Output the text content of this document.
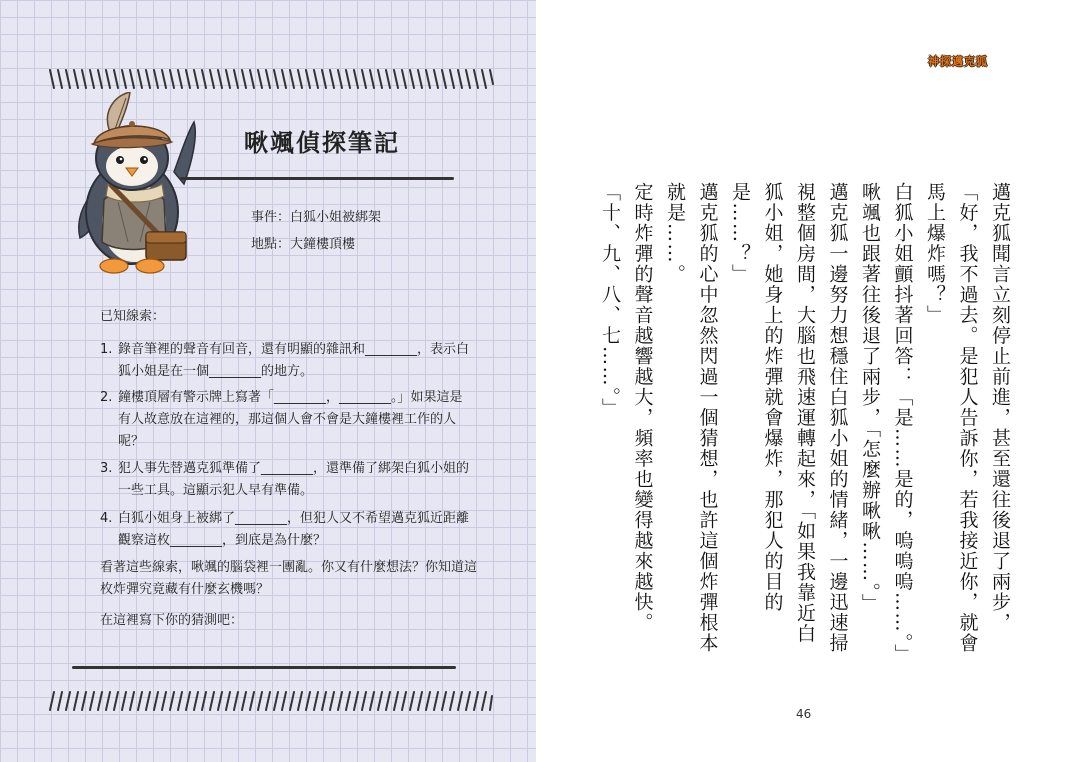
啾颯偵探筆記
事件：白狐小姐被綁架
地點：大鐘樓頂樓
已知線索：
1. 錄音筆裡的聲音有回音，還有明顯的雜訊和________，表示白狐小姐是在一個________的地方。
2. 鐘樓頂層有警示牌上寫著「________，________。」如果這是有人故意放在這裡的，那這個人會不會是大鐘樓裡工作的人呢？
3. 犯人事先替邁克狐準備了________，還準備了綁架白狐小姐的一些工具。這顯示犯人早有準備。
4. 白狐小姐身上被綁了________，但犯人又不希望邁克狐近距離觀察這枚________，到底是為什麼？
看著這些線索，啾颯的腦袋裡一團亂。你又有什麼想法？你知道這枚炸彈究竟藏有什麼玄機嗎？
在這裡寫下你的猜測吧：
神探邁克狐

邁克狐聞言立刻停止前進，甚至還往後退了兩步，「好，我不過去。是犯人告訴你，若我接近你，就會馬上爆炸嗎？」

白狐小姐顫抖著回答：「是……是的，嗚嗚嗚……。」

啾颯也跟著往後退了兩步，「怎麼辦啾啾……。」

邁克狐一邊努力想穩住白狐小姐的情緒，一邊迅速掃視整個房間，大腦也飛速運轉起來，「如果我靠近白狐小姐，她身上的炸彈就會爆炸，那犯人的目的是……？」

邁克狐的心中忽然閃過一個猜想，也許這個炸彈根本就是……。

定時炸彈的聲音越響越大，頻率也變得越來越快。

「十、九、八、七……。」

46
